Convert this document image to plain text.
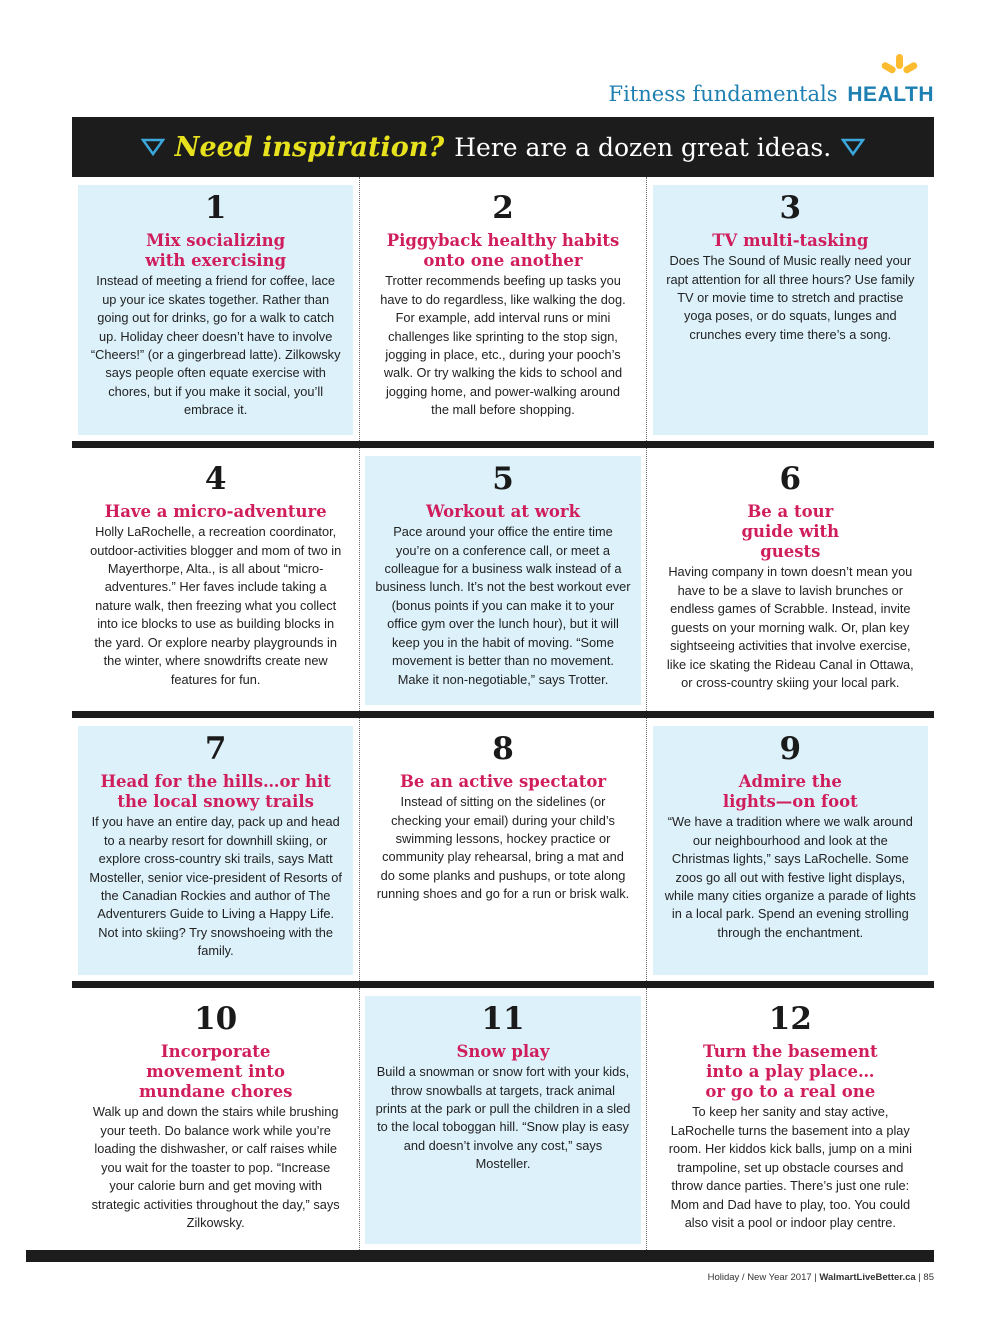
Fitness fundamentals HEALTH
Need inspiration? Here are a dozen great ideas.
1
Mix socializing with exercising
Instead of meeting a friend for coffee, lace up your ice skates together. Rather than going out for drinks, go for a walk to catch up. Holiday cheer doesn’t have to involve “Cheers!” (or a gingerbread latte). Zilkowsky says people often equate exercise with chores, but if you make it social, you’ll embrace it.
2
Piggyback healthy habits onto one another
Trotter recommends beefing up tasks you have to do regardless, like walking the dog. For example, add interval runs or mini challenges like sprinting to the stop sign, jogging in place, etc., during your pooch’s walk. Or try walking the kids to school and jogging home, and power-walking around the mall before shopping.
3
TV multi-tasking
Does The Sound of Music really need your rapt attention for all three hours? Use family TV or movie time to stretch and practise yoga poses, or do squats, lunges and crunches every time there’s a song.
4
Have a micro-adventure
Holly LaRochelle, a recreation coordinator, outdoor-activities blogger and mom of two in Mayerthorpe, Alta., is all about “micro-adventures.” Her faves include taking a nature walk, then freezing what you collect into ice blocks to use as building blocks in the yard. Or explore nearby playgrounds in the winter, where snowdrifts create new features for fun.
5
Workout at work
Pace around your office the entire time you’re on a conference call, or meet a colleague for a business walk instead of a business lunch. It’s not the best workout ever (bonus points if you can make it to your office gym over the lunch hour), but it will keep you in the habit of moving. “Some movement is better than no movement. Make it non-negotiable,” says Trotter.
6
Be a tour guide with guests
Having company in town doesn’t mean you have to be a slave to lavish brunches or endless games of Scrabble. Instead, invite guests on your morning walk. Or, plan key sightseeing activities that involve exercise, like ice skating the Rideau Canal in Ottawa, or cross-country skiing your local park.
7
Head for the hills…or hit the local snowy trails
If you have an entire day, pack up and head to a nearby resort for downhill skiing, or explore cross-country ski trails, says Matt Mosteller, senior vice-president of Resorts of the Canadian Rockies and author of The Adventurers Guide to Living a Happy Life. Not into skiing? Try snowshoeing with the family.
8
Be an active spectator
Instead of sitting on the sidelines (or checking your email) during your child’s swimming lessons, hockey practice or community play rehearsal, bring a mat and do some planks and pushups, or tote along running shoes and go for a run or brisk walk.
9
Admire the lights—on foot
“We have a tradition where we walk around our neighbourhood and look at the Christmas lights,” says LaRochelle. Some zoos go all out with festive light displays, while many cities organize a parade of lights in a local park. Spend an evening strolling through the enchantment.
10
Incorporate movement into mundane chores
Walk up and down the stairs while brushing your teeth. Do balance work while you’re loading the dishwasher, or calf raises while you wait for the toaster to pop. “Increase your calorie burn and get moving with strategic activities throughout the day,” says Zilkowsky.
11
Snow play
Build a snowman or snow fort with your kids, throw snowballs at targets, track animal prints at the park or pull the children in a sled to the local toboggan hill. “Snow play is easy and doesn’t involve any cost,” says Mosteller.
12
Turn the basement into a play place… or go to a real one
To keep her sanity and stay active, LaRochelle turns the basement into a play room. Her kiddos kick balls, jump on a mini trampoline, set up obstacle courses and throw dance parties. There’s just one rule: Mom and Dad have to play, too. You could also visit a pool or indoor play centre.
Holiday / New Year 2017 | WalmartLiveBetter.ca | 85
